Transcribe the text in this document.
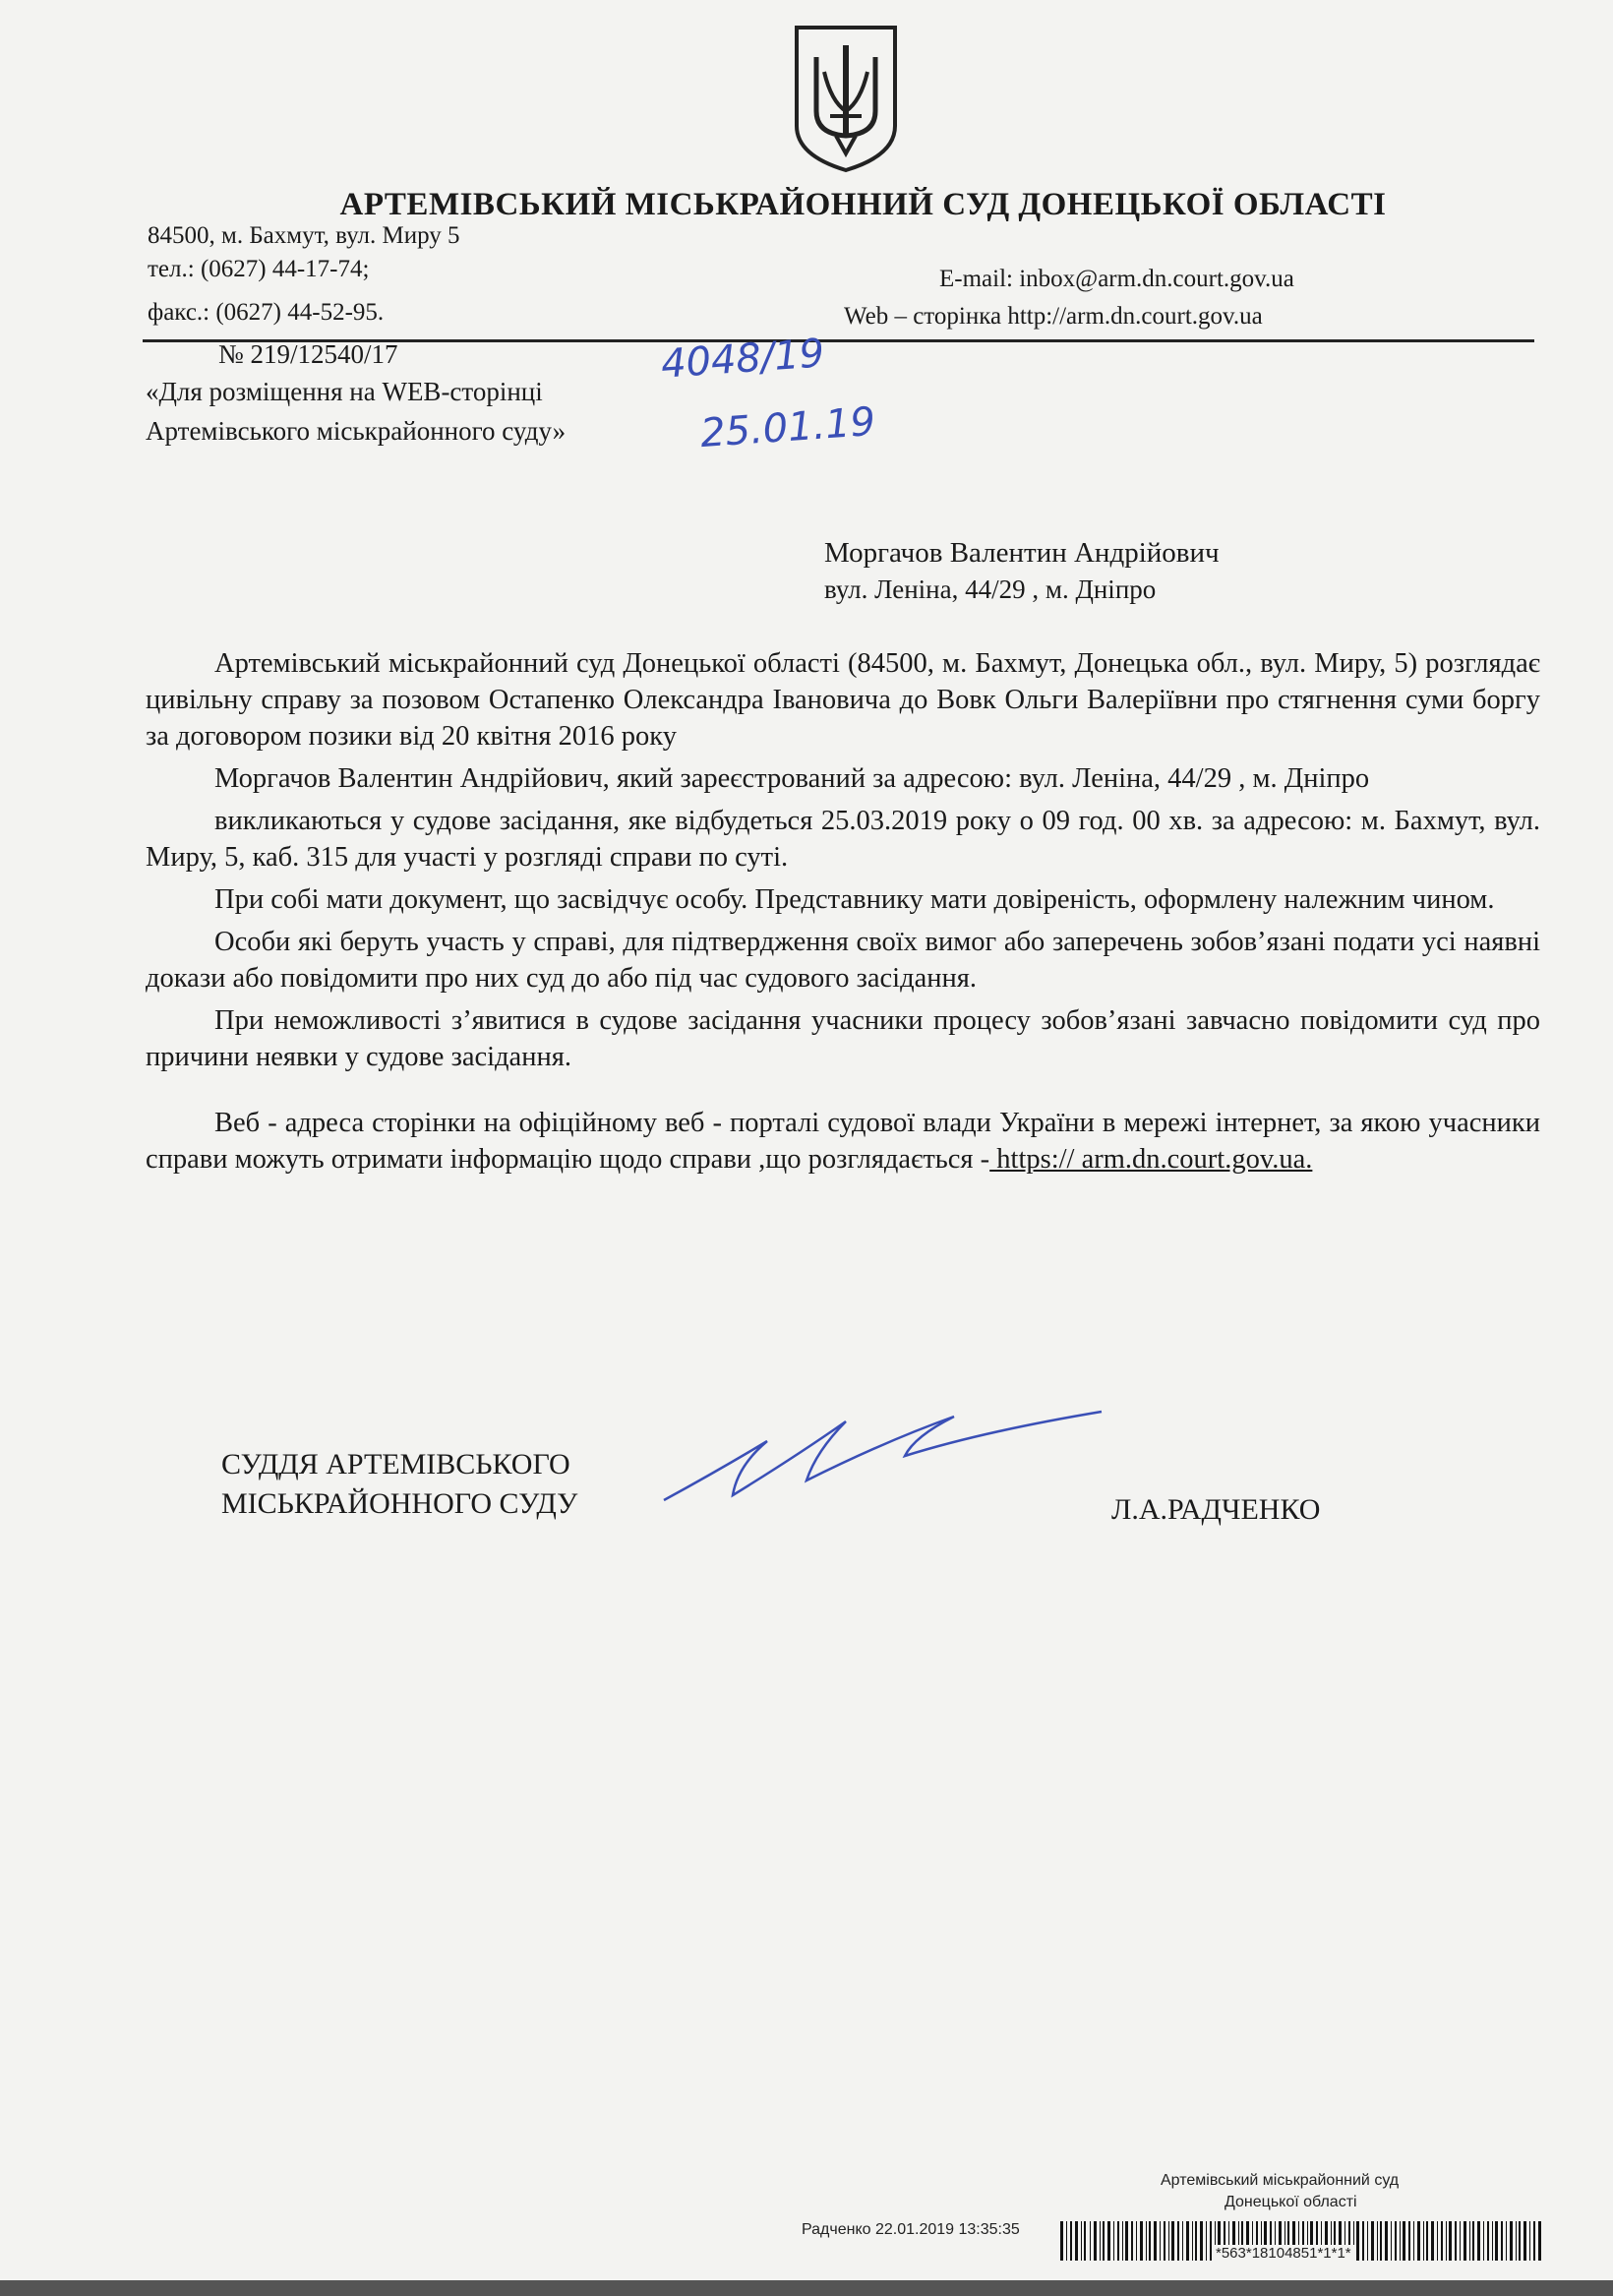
АРТЕМІВСЬКИЙ МІСЬКРАЙОННИЙ СУД ДОНЕЦЬКОЇ ОБЛАСТІ
84500, м. Бахмут, вул. Миру 5
тел.: (0627) 44-17-74;
факс.: (0627) 44-52-95.
E-mail: inbox@arm.dn.court.gov.ua
Web – сторінка http://arm.dn.court.gov.ua
№ 219/12540/17
«Для розміщення на WEB-сторінці
Артемівського міськрайонного суду»
4048/19
25.01.19
Моргачов Валентин Андрійович
вул. Леніна, 44/29 , м. Дніпро

Артемівський міськрайонний суд Донецької області (84500, м. Бахмут, Донецька обл., вул. Миру, 5) розглядає цивільну справу за позовом Остапенко Олександра Івановича до Вовк Ольги Валеріївни про стягнення суми боргу за договором позики від 20 квітня 2016 року

Моргачов Валентин Андрійович, який зареєстрований за адресою: вул. Леніна, 44/29 , м. Дніпро

викликаються у судове засідання, яке відбудеться 25.03.2019 року о 09 год. 00 хв. за адресою: м. Бахмут, вул. Миру, 5, каб. 315 для участі у розгляді справи по суті.

При собі мати документ, що засвідчує особу. Представнику мати довіреність, оформлену належним чином.

Особи які беруть участь у справі, для підтвердження своїх вимог або заперечень зобов’язані подати усі наявні докази або повідомити про них суд до або під час судового засідання.

При неможливості з’явитися в судове засідання учасники процесу зобов’язані завчасно повідомити суд про причини неявки у судове засідання.

Веб - адреса сторінки на офіційному веб - порталі судової влади України в мережі інтернет, за якою учасники справи можуть отримати інформацію щодо справи ,що розглядається - https:// arm.dn.court.gov.ua.

СУДДЯ АРТЕМІВСЬКОГО
МІСЬКРАЙОННОГО СУДУ	Л.А.РАДЧЕНКО
Артемівський міськрайонний суд
Донецької області
Радченко 22.01.2019 13:35:35
*563*18104851*1*1*
